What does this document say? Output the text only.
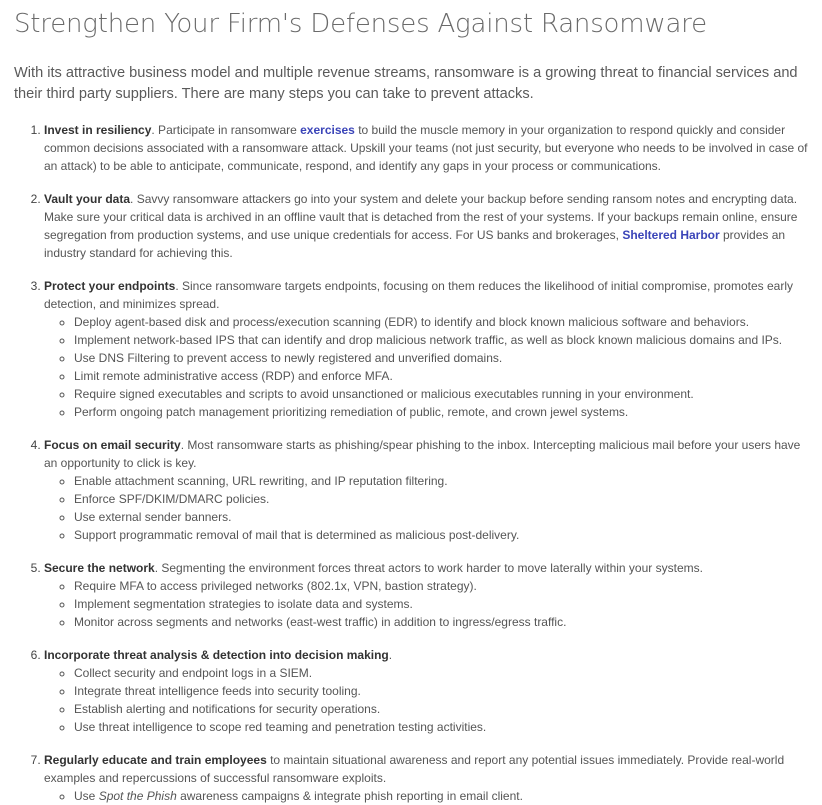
Strengthen Your Firm's Defenses Against Ransomware

With its attractive business model and multiple revenue streams, ransomware is a growing threat to financial services and their third party suppliers. There are many steps you can take to prevent attacks.

1. Invest in resiliency. Participate in ransomware exercises to build the muscle memory in your organization to respond quickly and consider common decisions associated with a ransomware attack. Upskill your teams (not just security, but everyone who needs to be involved in case of an attack) to be able to anticipate, communicate, respond, and identify any gaps in your process or communications.
2. Vault your data. Savvy ransomware attackers go into your system and delete your backup before sending ransom notes and encrypting data. Make sure your critical data is archived in an offline vault that is detached from the rest of your systems. If your backups remain online, ensure segregation from production systems, and use unique credentials for access. For US banks and brokerages, Sheltered Harbor provides an industry standard for achieving this.
3. Protect your endpoints. Since ransomware targets endpoints, focusing on them reduces the likelihood of initial compromise, promotes early detection, and minimizes spread.
◦ Deploy agent-based disk and process/execution scanning (EDR) to identify and block known malicious software and behaviors.
◦ Implement network-based IPS that can identify and drop malicious network traffic, as well as block known malicious domains and IPs.
◦ Use DNS Filtering to prevent access to newly registered and unverified domains.
◦ Limit remote administrative access (RDP) and enforce MFA.
◦ Require signed executables and scripts to avoid unsanctioned or malicious executables running in your environment.
◦ Perform ongoing patch management prioritizing remediation of public, remote, and crown jewel systems.
4. Focus on email security. Most ransomware starts as phishing/spear phishing to the inbox. Intercepting malicious mail before your users have an opportunity to click is key.
◦ Enable attachment scanning, URL rewriting, and IP reputation filtering.
◦ Enforce SPF/DKIM/DMARC policies.
◦ Use external sender banners.
◦ Support programmatic removal of mail that is determined as malicious post-delivery.
5. Secure the network. Segmenting the environment forces threat actors to work harder to move laterally within your systems.
◦ Require MFA to access privileged networks (802.1x, VPN, bastion strategy).
◦ Implement segmentation strategies to isolate data and systems.
◦ Monitor across segments and networks (east-west traffic) in addition to ingress/egress traffic.
6. Incorporate threat analysis & detection into decision making.
◦ Collect security and endpoint logs in a SIEM.
◦ Integrate threat intelligence feeds into security tooling.
◦ Establish alerting and notifications for security operations.
◦ Use threat intelligence to scope red teaming and penetration testing activities.
7. Regularly educate and train employees to maintain situational awareness and report any potential issues immediately. Provide real-world examples and repercussions of successful ransomware exploits.
◦ Use Spot the Phish awareness campaigns & integrate phish reporting in email client.
